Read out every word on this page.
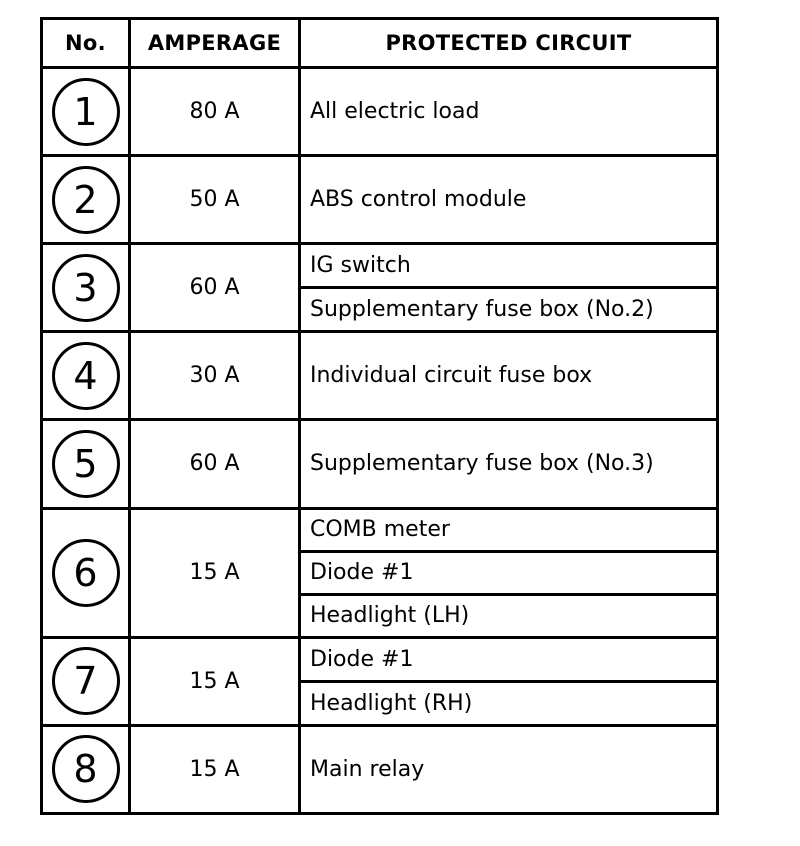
No.	AMPERAGE	PROTECTED CIRCUIT
1	80 A	All electric load
2	50 A	ABS control module
3	60 A	IG switch
		Supplementary fuse box (No.2)
4	30 A	Individual circuit fuse box
5	60 A	Supplementary fuse box (No.3)
6	15 A	COMB meter
		Diode #1
		Headlight (LH)
7	15 A	Diode #1
		Headlight (RH)
8	15 A	Main relay
